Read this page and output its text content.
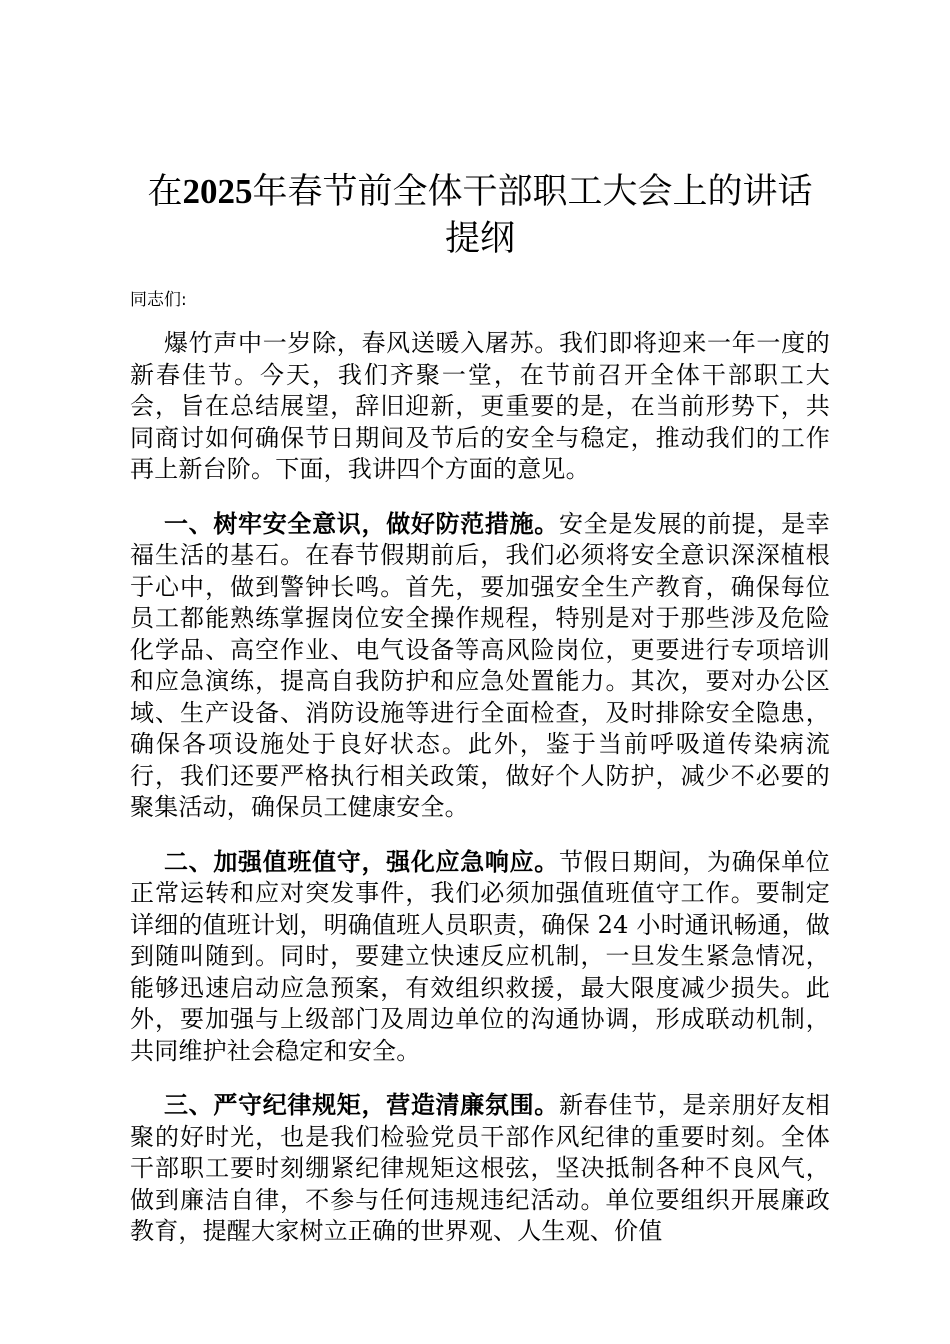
在2025年春节前全体干部职工大会上的讲话
提纲

同志们:

爆竹声中一岁除，春风送暖入屠苏。我们即将迎来一年一度的新春佳节。今天，我们齐聚一堂，在节前召开全体干部职工大会，旨在总结展望，辞旧迎新，更重要的是，在当前形势下，共同商讨如何确保节日期间及节后的安全与稳定，推动我们的工作再上新台阶。下面，我讲四个方面的意见。

一、树牢安全意识，做好防范措施。安全是发展的前提，是幸福生活的基石。在春节假期前后，我们必须将安全意识深深植根于心中，做到警钟长鸣。首先，要加强安全生产教育，确保每位员工都能熟练掌握岗位安全操作规程，特别是对于那些涉及危险化学品、高空作业、电气设备等高风险岗位，更要进行专项培训和应急演练，提高自我防护和应急处置能力。其次，要对办公区域、生产设备、消防设施等进行全面检查，及时排除安全隐患，确保各项设施处于良好状态。此外，鉴于当前呼吸道传染病流行，我们还要严格执行相关政策，做好个人防护，减少不必要的聚集活动，确保员工健康安全。

二、加强值班值守，强化应急响应。节假日期间，为确保单位正常运转和应对突发事件，我们必须加强值班值守工作。要制定详细的值班计划，明确值班人员职责，确保 24 小时通讯畅通，做到随叫随到。同时，要建立快速反应机制，一旦发生紧急情况，能够迅速启动应急预案，有效组织救援，最大限度减少损失。此外，要加强与上级部门及周边单位的沟通协调，形成联动机制，共同维护社会稳定和安全。

三、严守纪律规矩，营造清廉氛围。新春佳节，是亲朋好友相聚的好时光，也是我们检验党员干部作风纪律的重要时刻。全体干部职工要时刻绷紧纪律规矩这根弦，坚决抵制各种不良风气，做到廉洁自律，不参与任何违规违纪活动。单位要组织开展廉政教育，提醒大家树立正确的世界观、人生观、价值
